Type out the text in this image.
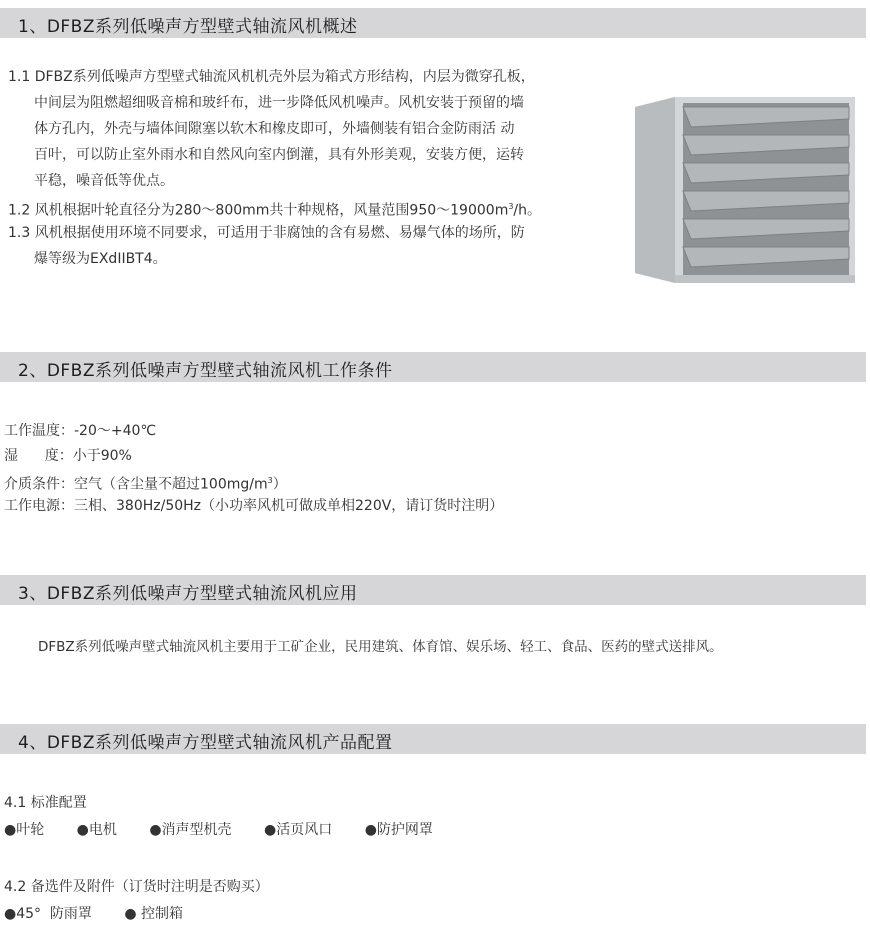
1、DFBZ系列低噪声方型壁式轴流风机概述
1.1 DFBZ系列低噪声方型壁式轴流风机机壳外层为箱式方形结构，内层为微穿孔板，
中间层为阻燃超细吸音棉和玻纤布，进一步降低风机噪声。风机安装于预留的墙
体方孔内，外壳与墙体间隙塞以软木和橡皮即可，外墙侧装有铝合金防雨活 动
百叶，可以防止室外雨水和自然风向室内倒灌，具有外形美观，安装方便，运转
平稳，噪音低等优点。
1.2 风机根据叶轮直径分为280～800mm共十种规格，风量范围$950\sim 19000m^3/h$。
1.3 风机根据使用环境不同要求，可适用于非腐蚀的含有易燃、易爆气体的场所，防
爆等级为EXdIIBT4。
2、DFBZ系列低噪声方型壁式轴流风机工作条件
工作温度：-20～+40℃
湿      度：小于90%
介质条件：空气（含尘量不超过$100mg/m^3$）
工作电源：三相、380Hz/50Hz（小功率风机可做成单相220V，请订货时注明）
3、DFBZ系列低噪声方型壁式轴流风机应用
DFBZ系列低噪声壁式轴流风机主要用于工矿企业，民用建筑、体育馆、娱乐场、轻工、食品、医药的壁式送排风。
4、DFBZ系列低噪声方型壁式轴流风机产品配置
4.1 标准配置
●叶轮 ●电机 ●消声型机壳 ●活页风口 ●防护网罩
4.2 备选件及附件（订货时注明是否购买）
●45°  防雨罩 ● 控制箱
